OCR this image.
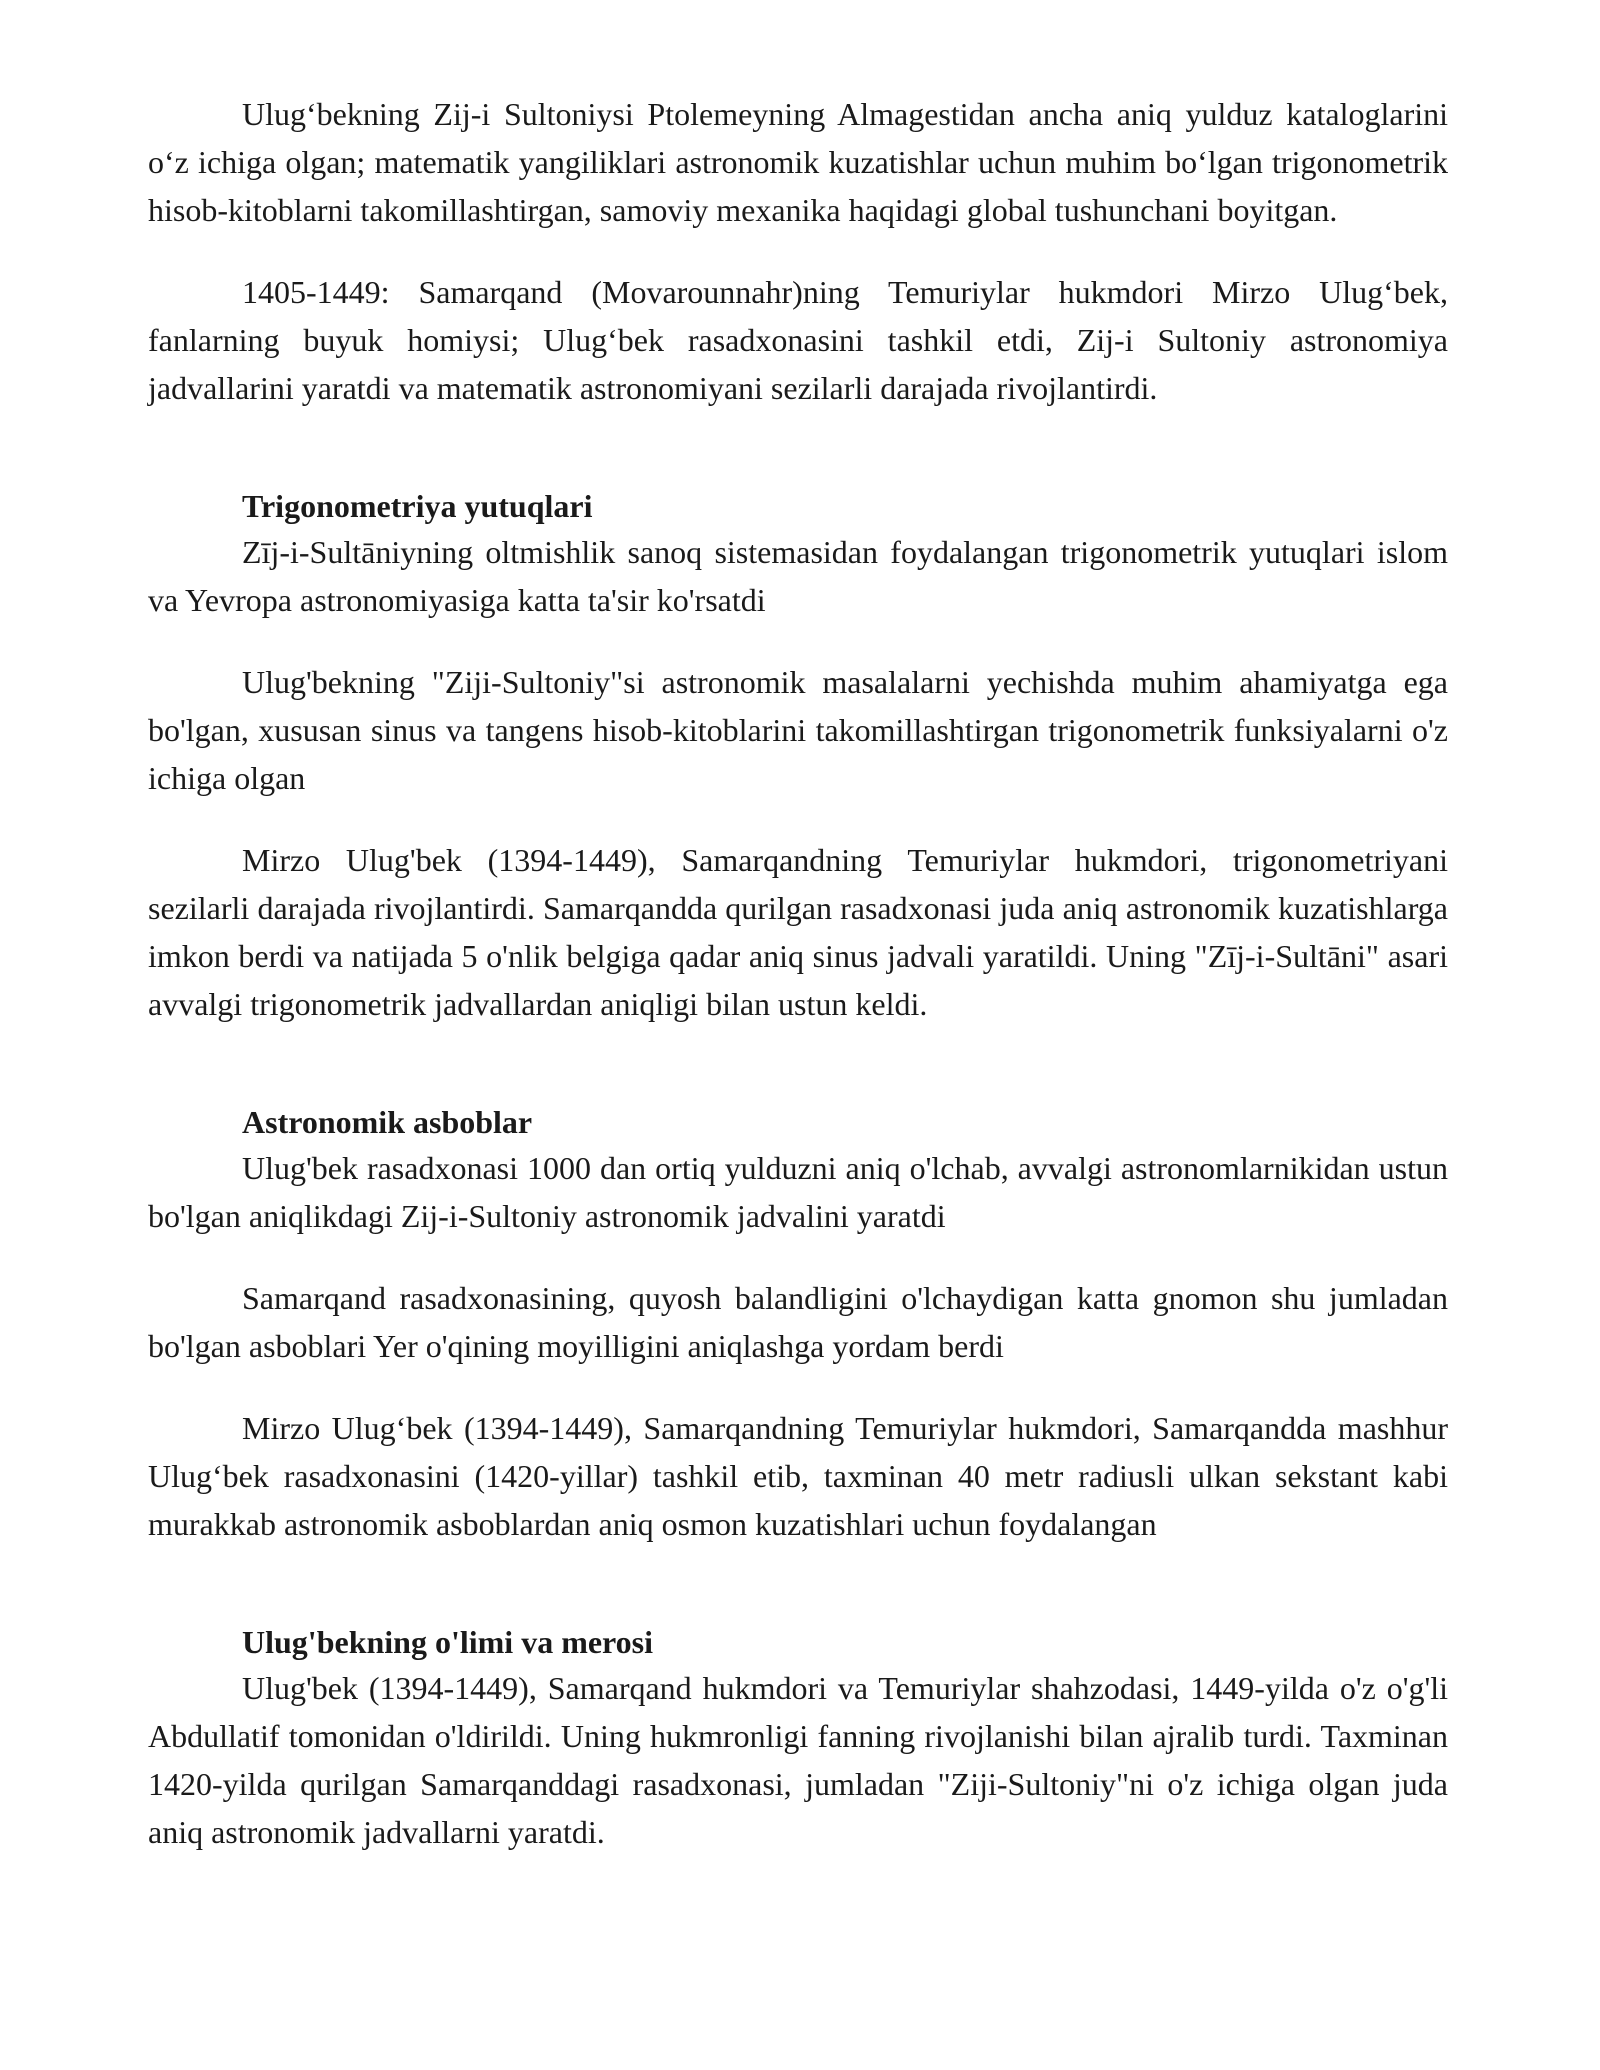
Ulug‘bekning Zij-i Sultoniysi Ptolemeyning Almagestidan ancha aniq yulduz kataloglarini o‘z ichiga olgan; matematik yangiliklari astronomik kuzatishlar uchun muhim bo‘lgan trigonometrik hisob-kitoblarni takomillashtirgan, samoviy mexanika haqidagi global tushunchani boyitgan.

1405-1449: Samarqand (Movarounnahr)ning Temuriylar hukmdori Mirzo Ulug‘bek, fanlarning buyuk homiysi; Ulug‘bek rasadxonasini tashkil etdi, Zij-i Sultoniy astronomiya jadvallarini yaratdi va matematik astronomiyani sezilarli darajada rivojlantirdi.

Trigonometriya yutuqlari

Zīj-i-Sultāniyning oltmishlik sanoq sistemasidan foydalangan trigonometrik yutuqlari islom va Yevropa astronomiyasiga katta ta'sir ko'rsatdi

Ulug'bekning "Ziji-Sultoniy"si astronomik masalalarni yechishda muhim ahamiyatga ega bo'lgan, xususan sinus va tangens hisob-kitoblarini takomillashtirgan trigonometrik funksiyalarni o'z ichiga olgan

Mirzo Ulug'bek (1394-1449), Samarqandning Temuriylar hukmdori, trigonometriyani sezilarli darajada rivojlantirdi. Samarqandda qurilgan rasadxonasi juda aniq astronomik kuzatishlarga imkon berdi va natijada 5 o'nlik belgiga qadar aniq sinus jadvali yaratildi. Uning "Zīj-i-Sultāni" asari avvalgi trigonometrik jadvallardan aniqligi bilan ustun keldi.

Astronomik asboblar

Ulug'bek rasadxonasi 1000 dan ortiq yulduzni aniq o'lchab, avvalgi astronomlarnikidan ustun bo'lgan aniqlikdagi Zij-i-Sultoniy astronomik jadvalini yaratdi

Samarqand rasadxonasining, quyosh balandligini o'lchaydigan katta gnomon shu jumladan bo'lgan asboblari Yer o'qining moyilligini aniqlashga yordam berdi

Mirzo Ulug‘bek (1394-1449), Samarqandning Temuriylar hukmdori, Samarqandda mashhur Ulug‘bek rasadxonasini (1420-yillar) tashkil etib, taxminan 40 metr radiusli ulkan sekstant kabi murakkab astronomik asboblardan aniq osmon kuzatishlari uchun foydalangan

Ulug'bekning o'limi va merosi

Ulug'bek (1394-1449), Samarqand hukmdori va Temuriylar shahzodasi, 1449-yilda o'z o'g'li Abdullatif tomonidan o'ldirildi. Uning hukmronligi fanning rivojlanishi bilan ajralib turdi. Taxminan 1420-yilda qurilgan Samarqanddagi rasadxonasi, jumladan "Ziji-Sultoniy"ni o'z ichiga olgan juda aniq astronomik jadvallarni yaratdi.
